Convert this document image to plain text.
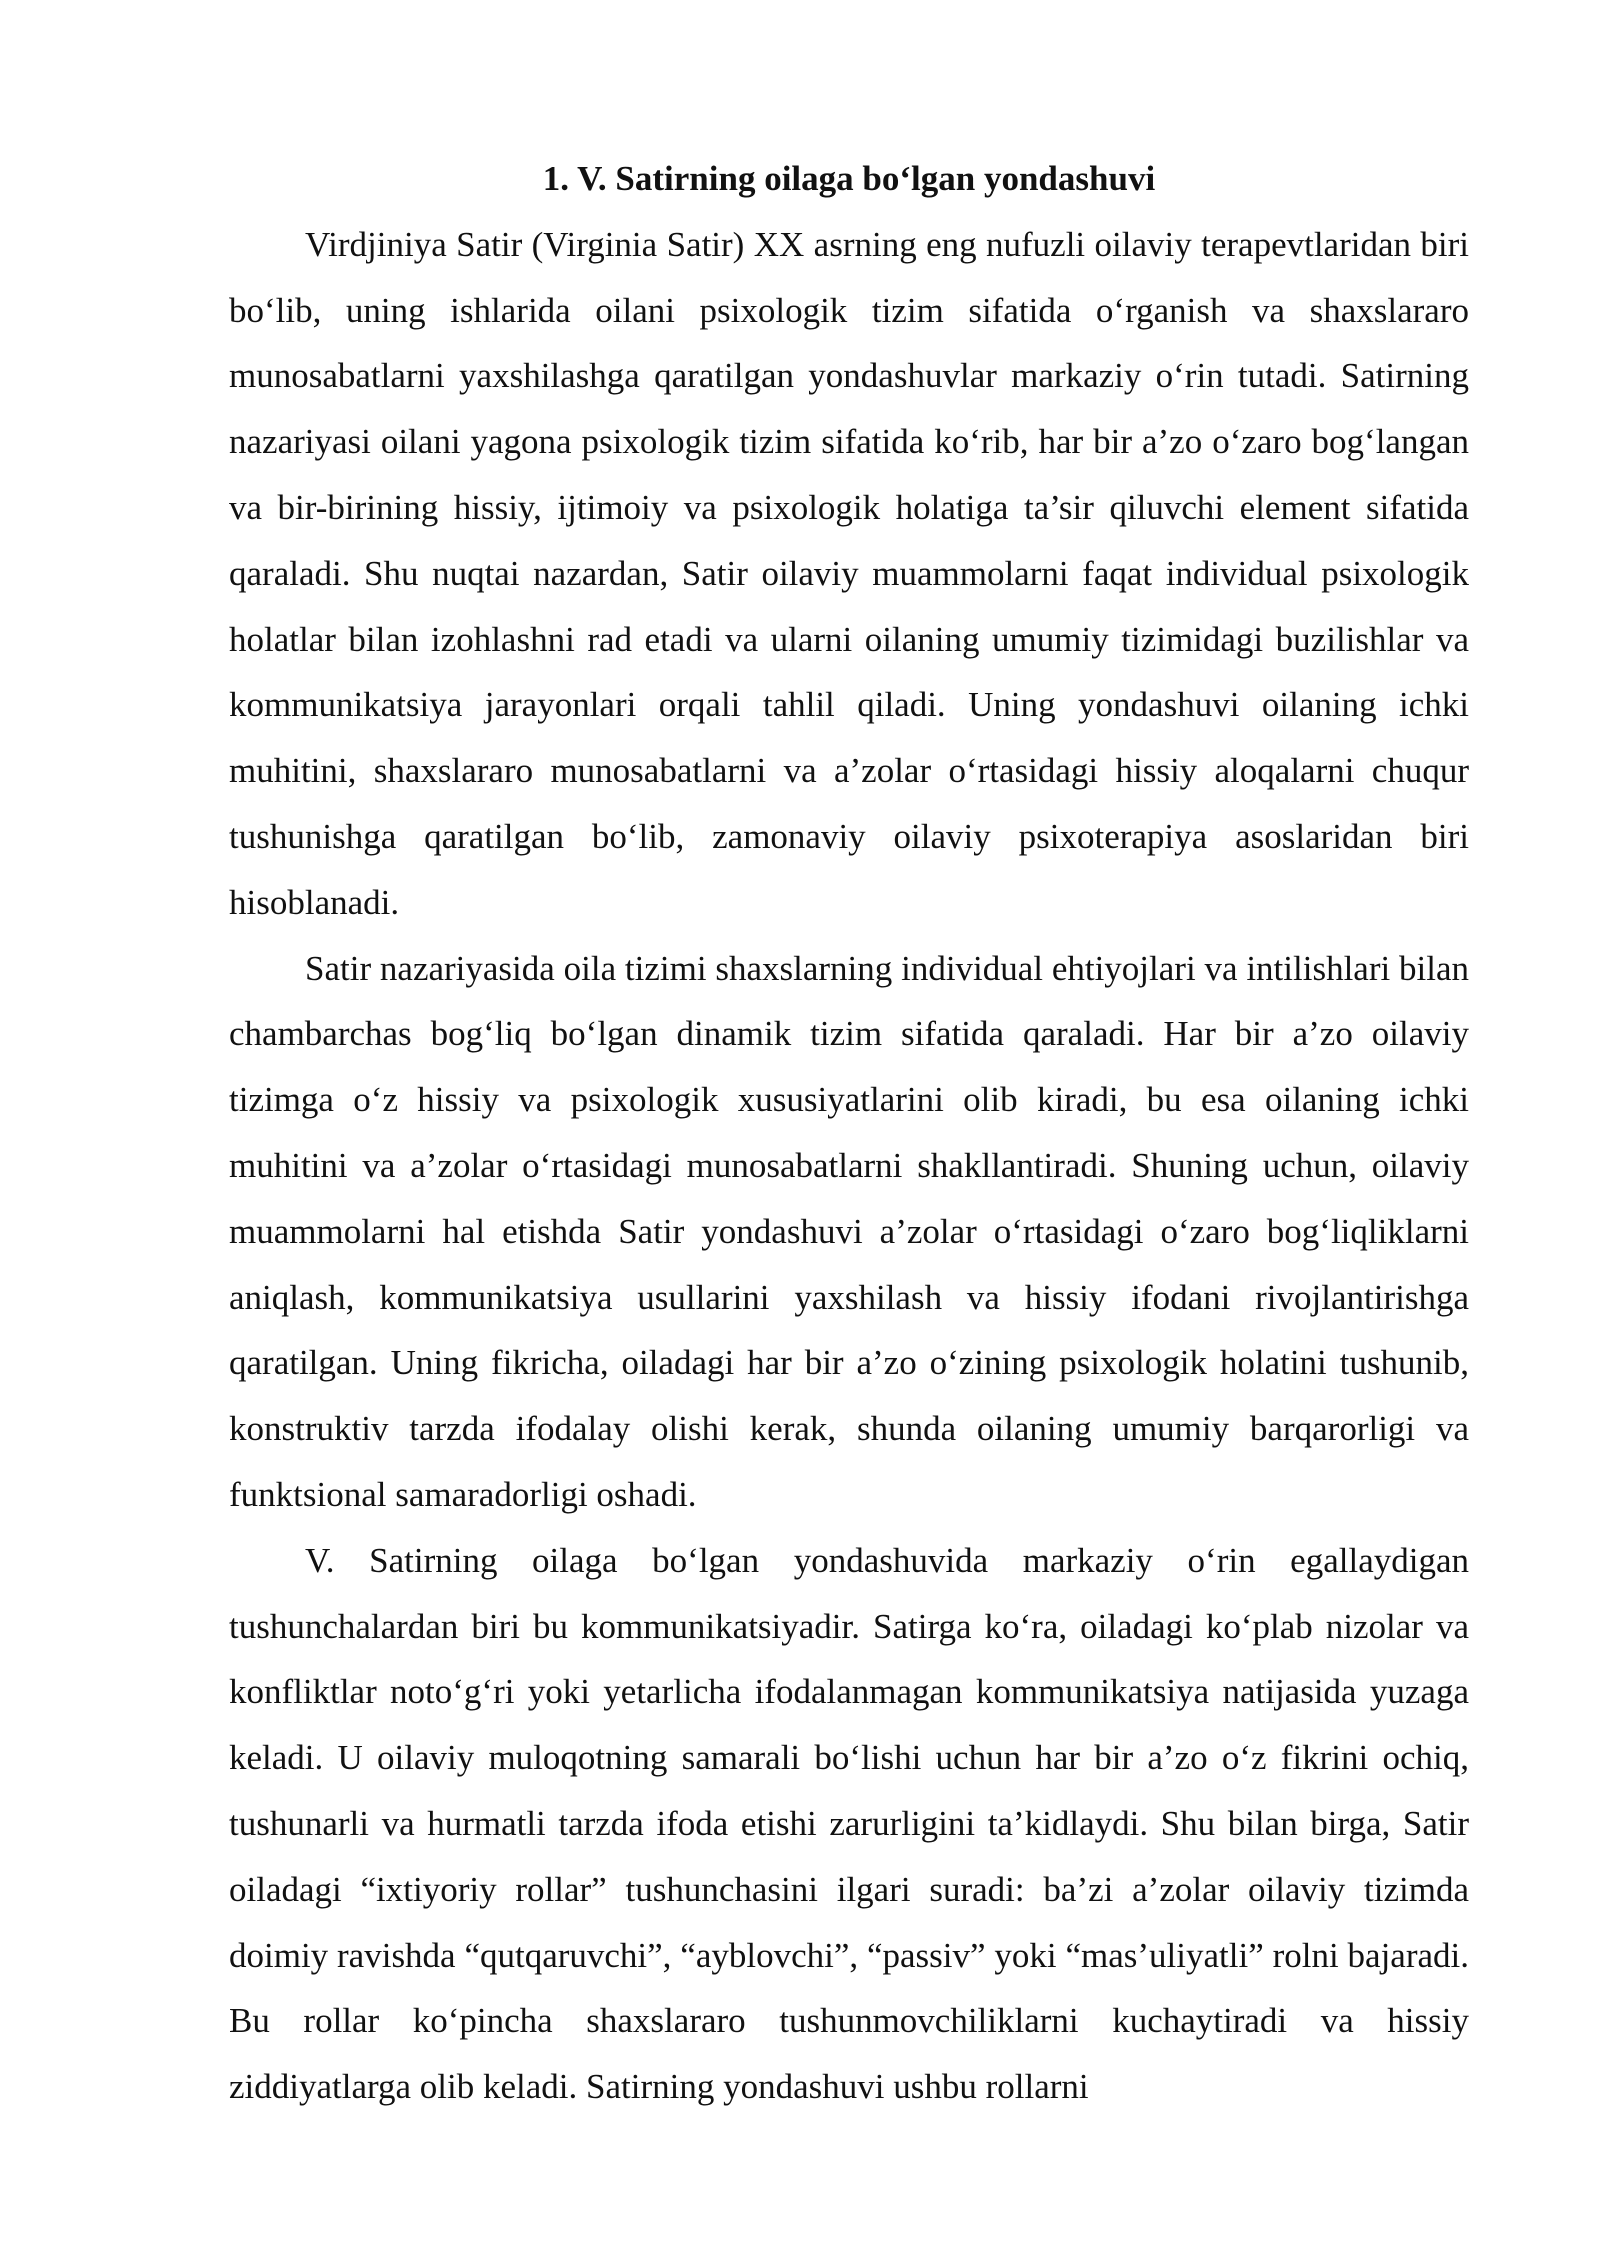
1. V. Satirning oilaga bo‘lgan yondashuvi

Virdjiniya Satir (Virginia Satir) XX asrning eng nufuzli oilaviy terapevtlaridan biri bo‘lib, uning ishlarida oilani psixologik tizim sifatida o‘rganish va shaxslararo munosabatlarni yaxshilashga qaratilgan yondashuvlar markaziy o‘rin tutadi. Satirning nazariyasi oilani yagona psixologik tizim sifatida ko‘rib, har bir a’zo o‘zaro bog‘langan va bir-birining hissiy, ijtimoiy va psixologik holatiga ta’sir qiluvchi element sifatida qaraladi. Shu nuqtai nazardan, Satir oilaviy muammolarni faqat individual psixologik holatlar bilan izohlashni rad etadi va ularni oilaning umumiy tizimidagi buzilishlar va kommunikatsiya jarayonlari orqali tahlil qiladi. Uning yondashuvi oilaning ichki muhitini, shaxslararo munosabatlarni va a’zolar o‘rtasidagi hissiy aloqalarni chuqur tushunishga qaratilgan bo‘lib, zamonaviy oilaviy psixoterapiya asoslaridan biri hisoblanadi.

Satir nazariyasida oila tizimi shaxslarning individual ehtiyojlari va intilishlari bilan chambarchas bog‘liq bo‘lgan dinamik tizim sifatida qaraladi. Har bir a’zo oilaviy tizimga o‘z hissiy va psixologik xususiyatlarini olib kiradi, bu esa oilaning ichki muhitini va a’zolar o‘rtasidagi munosabatlarni shakllantiradi. Shuning uchun, oilaviy muammolarni hal etishda Satir yondashuvi a’zolar o‘rtasidagi o‘zaro bog‘liqliklarni aniqlash, kommunikatsiya usullarini yaxshilash va hissiy ifodani rivojlantirishga qaratilgan. Uning fikricha, oiladagi har bir a’zo o‘zining psixologik holatini tushunib, konstruktiv tarzda ifodalay olishi kerak, shunda oilaning umumiy barqarorligi va funktsional samaradorligi oshadi.

V. Satirning oilaga bo‘lgan yondashuvida markaziy o‘rin egallaydigan tushunchalardan biri bu kommunikatsiyadir. Satirga ko‘ra, oiladagi ko‘plab nizolar va konfliktlar noto‘g‘ri yoki yetarlicha ifodalanmagan kommunikatsiya natijasida yuzaga keladi. U oilaviy muloqotning samarali bo‘lishi uchun har bir a’zo o‘z fikrini ochiq, tushunarli va hurmatli tarzda ifoda etishi zarurligini ta’kidlaydi. Shu bilan birga, Satir oiladagi “ixtiyoriy rollar” tushunchasini ilgari suradi: ba’zi a’zolar oilaviy tizimda doimiy ravishda “qutqaruvchi”, “ayblovchi”, “passiv” yoki “mas’uliyatli” rolni bajaradi. Bu rollar ko‘pincha shaxslararo tushunmovchiliklarni kuchaytiradi va hissiy ziddiyatlarga olib keladi. Satirning yondashuvi ushbu rollarni
